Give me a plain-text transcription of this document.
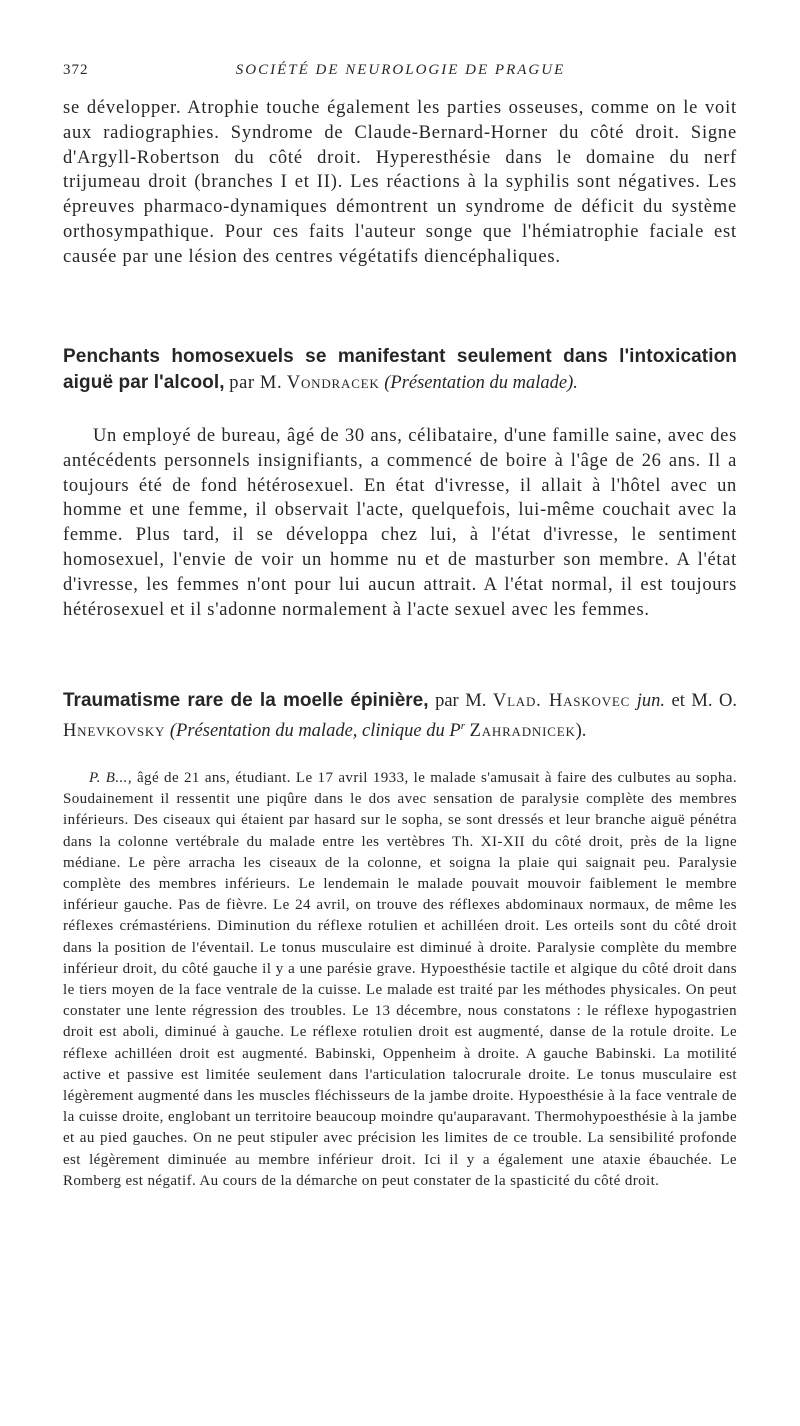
372	SOCIÉTÉ DE NEUROLOGIE DE PRAGUE

se développer. Atrophie touche également les parties osseuses, comme on le voit aux radiographies. Syndrome de Claude-Bernard-Horner du côté droit. Signe d'Argyll-Robertson du côté droit. Hyperesthésie dans le domaine du nerf trijumeau droit (branches I et II). Les réactions à la syphilis sont négatives. Les épreuves pharmaco-dynamiques démontrent un syndrome de déficit du système orthosympathique. Pour ces faits l'auteur songe que l'hémiatrophie faciale est causée par une lésion des centres végétatifs diencéphaliques.

Penchants homosexuels se manifestant seulement dans l'intoxication aiguë par l'alcool, par M. Vondracek (Présentation du malade).

Un employé de bureau, âgé de 30 ans, célibataire, d'une famille saine, avec des antécédents personnels insignifiants, a commencé de boire à l'âge de 26 ans. Il a toujours été de fond hétérosexuel. En état d'ivresse, il allait à l'hôtel avec un homme et une femme, il observait l'acte, quelquefois, lui-même couchait avec la femme. Plus tard, il se développa chez lui, à l'état d'ivresse, le sentiment homosexuel, l'envie de voir un homme nu et de masturber son membre. A l'état d'ivresse, les femmes n'ont pour lui aucun attrait. A l'état normal, il est toujours hétérosexuel et il s'adonne normalement à l'acte sexuel avec les femmes.

Traumatisme rare de la moelle épinière, par M. Vlad. Haskovec jun. et M. O. Hnevkovsky (Présentation du malade, clinique du $P^r$ Zahradnicek).

P. B..., âgé de 21 ans, étudiant. Le 17 avril 1933, le malade s'amusait à faire des culbutes au sopha. Soudainement il ressentit une piqûre dans le dos avec sensation de paralysie complète des membres inférieurs. Des ciseaux qui étaient par hasard sur le sopha, se sont dressés et leur branche aiguë pénétra dans la colonne vertébrale du malade entre les vertèbres Th. XI-XII du côté droit, près de la ligne médiane. Le père arracha les ciseaux de la colonne, et soigna la plaie qui saignait peu. Paralysie complète des membres inférieurs. Le lendemain le malade pouvait mouvoir faiblement le membre inférieur gauche. Pas de fièvre. Le 24 avril, on trouve des réflexes abdominaux normaux, de même les réflexes crémastériens. Diminution du réflexe rotulien et achilléen droit. Les orteils sont du côté droit dans la position de l'éventail. Le tonus musculaire est diminué à droite. Paralysie complète du membre inférieur droit, du côté gauche il y a une parésie grave. Hypoesthésie tactile et algique du côté droit dans le tiers moyen de la face ventrale de la cuisse. Le malade est traité par les méthodes physicales. On peut constater une lente régression des troubles. Le 13 décembre, nous constatons : le réflexe hypogastrien droit est aboli, diminué à gauche. Le réflexe rotulien droit est augmenté, danse de la rotule droite. Le réflexe achilléen droit est augmenté. Babinski, Oppenheim à droite. A gauche Babinski. La motilité active et passive est limitée seulement dans l'articulation talocrurale droite. Le tonus musculaire est légèrement augmenté dans les muscles fléchisseurs de la jambe droite. Hypoesthésie à la face ventrale de la cuisse droite, englobant un territoire beaucoup moindre qu'auparavant. Thermohypoesthésie à la jambe et au pied gauches. On ne peut stipuler avec précision les limites de ce trouble. La sensibilité profonde est légèrement diminuée au membre inférieur droit. Ici il y a également une ataxie ébauchée. Le Romberg est négatif. Au cours de la démarche on peut constater de la spasticité du côté droit.
